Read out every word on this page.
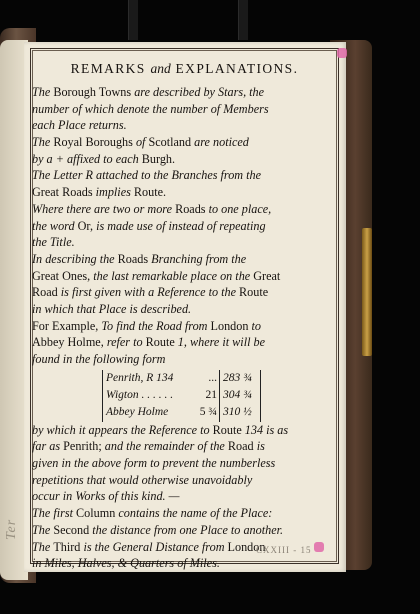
Ter
REMARKS and EXPLANATIONS.
The Borough Towns are described by Stars, the
number of which denote the number of Members
each Place returns.
The Royal Boroughs of Scotland are noticed
by a + affixed to each Burgh.
The Letter R attached to the Branches from the
Great Roads implies Route.
Where there are two or more Roads to one place,
the word Or, is made use of instead of repeating
the Title.
In describing the Roads Branching from the
Great Ones, the last remarkable place on the Great
Road is first given with a Reference to the Route
in which that Place is described.
For Example, To find the Road from London to
Abbey Holme, refer to Route 1, where it will be
found in the following form
Penrith, R 134
Wigton . . . . . .
Abbey Holme
...
21
5 ¾
283 ¾
304 ¾
310 ½
by which it appears the Reference to Route 134 is as
far as Penrith; and the remainder of the Road is
given in the above form to prevent the numberless
repetitions that would otherwise unavoidably
occur in Works of this kind. —
The first Column contains the name of the Place:
The Second the distance from one Place to another.
The Third is the General Distance from London
in Miles, Halves, & Quarters of Miles.
CXXIII - 15
